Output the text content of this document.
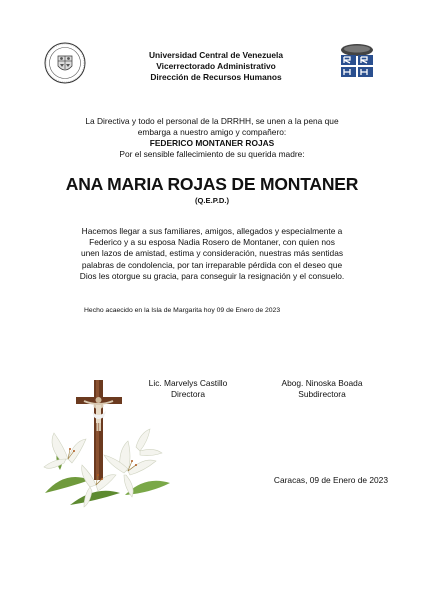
Universidad Central de Venezuela
Vicerrectorado Administrativo
Dirección de Recursos Humanos
La Directiva y todo el personal de la DRRHH, se unen a la pena que
embarga a nuestro amigo y compañero:
FEDERICO MONTANER ROJAS
Por el sensible fallecimiento de su querida madre:
ANA MARIA ROJAS DE MONTANER
(Q.E.P.D.)
Hacemos llegar a sus familiares, amigos, allegados y especialmente a
Federico y a su esposa Nadia Rosero de Montaner, con quien nos
unen lazos de amistad, estima y consideración, nuestras más sentidas
palabras de condolencia, por tan irreparable pérdida con el deseo que
Dios les otorgue su gracia, para conseguir la resignación y el consuelo.
Hecho acaecido en la Isla de Margarita hoy 09 de Enero de 2023
Lic. Marvelys Castillo
Directora
Abog. Ninoska Boada
Subdirectora
Caracas, 09 de Enero de 2023
